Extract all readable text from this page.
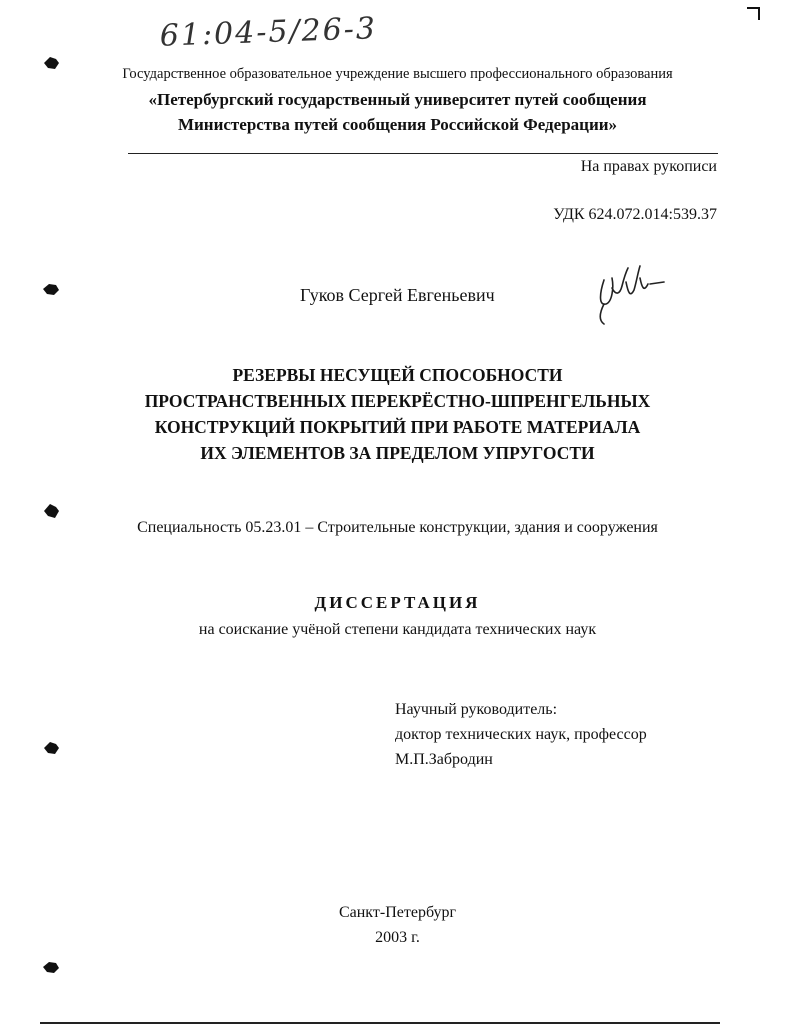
61:04-5/26-3
Государственное образовательное учреждение высшего профессионального образования
«Петербургский государственный университет путей сообщения
Министерства путей сообщения Российской Федерации»
На правах рукописи
УДК 624.072.014:539.37
Гуков Сергей Евгеньевич
РЕЗЕРВЫ НЕСУЩЕЙ СПОСОБНОСТИ
ПРОСТРАНСТВЕННЫХ ПЕРЕКРЁСТНО-ШПРЕНГЕЛЬНЫХ
КОНСТРУКЦИЙ ПОКРЫТИЙ ПРИ РАБОТЕ МАТЕРИАЛА
ИХ ЭЛЕМЕНТОВ ЗА ПРЕДЕЛОМ УПРУГОСТИ
Специальность 05.23.01 – Строительные конструкции, здания и сооружения
ДИССЕРТАЦИЯ
на соискание учёной степени кандидата технических наук
Научный руководитель:
доктор технических наук, профессор
М.П.Забродин
Санкт-Петербург
2003 г.
